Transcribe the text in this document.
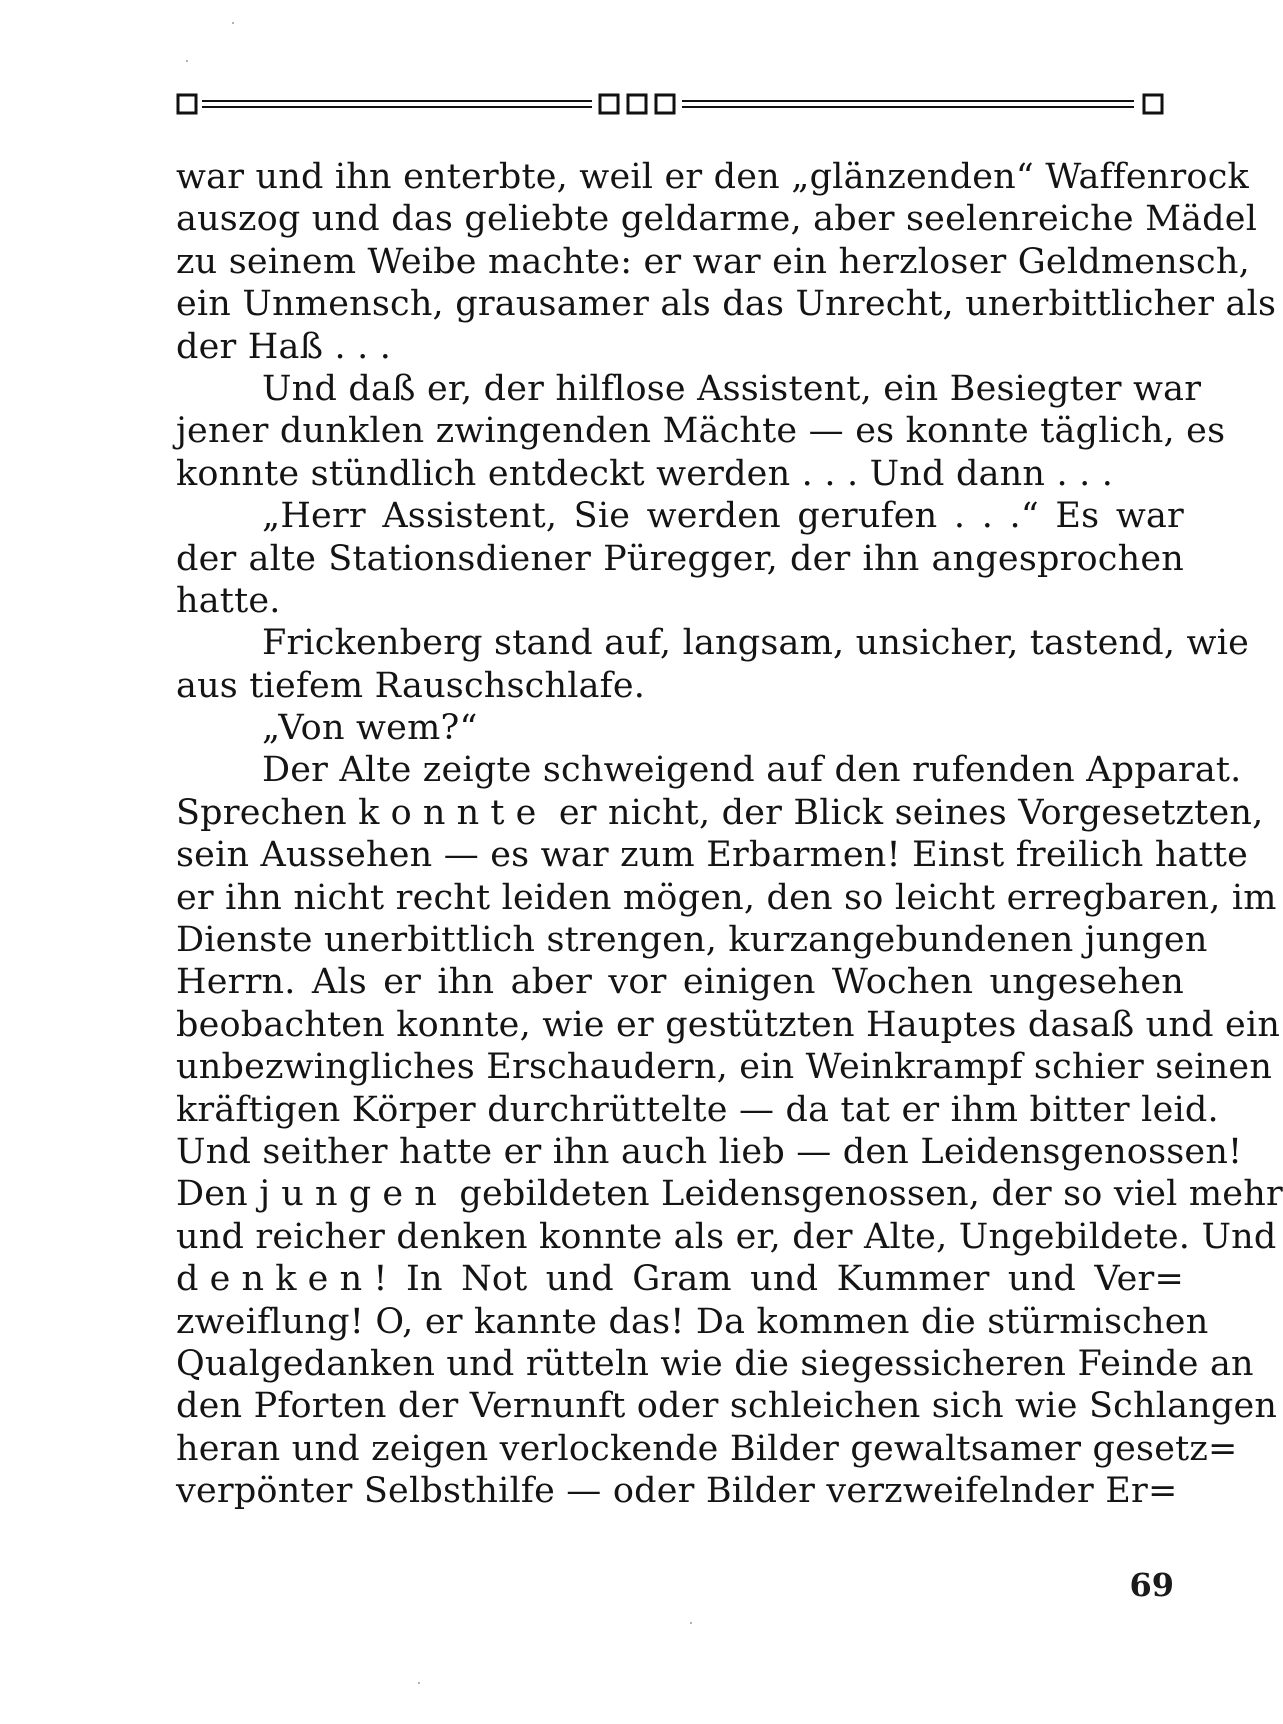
war und ihn enterbte, weil er den „glänzenden“ Waffenrock
auszog und das geliebte geldarme, aber seelenreiche Mädel
zu seinem Weibe machte: er war ein herzloser Geldmensch,
ein Unmensch, grausamer als das Unrecht, unerbittlicher als
der Haß . . .
Und daß er, der hilflose Assistent, ein Besiegter war
jener dunklen zwingenden Mächte — es konnte täglich, es
konnte stündlich entdeckt werden . . . Und dann . . .
„Herr Assistent, Sie werden gerufen . . .“ Es war
der alte Stationsdiener Püregger, der ihn angesprochen
hatte.
Frickenberg stand auf, langsam, unsicher, tastend, wie
aus tiefem Rauschschlafe.
„Von wem?“
Der Alte zeigte schweigend auf den rufenden Apparat.
Sprechen konnte er nicht, der Blick seines Vorgesetzten,
sein Aussehen — es war zum Erbarmen! Einst freilich hatte
er ihn nicht recht leiden mögen, den so leicht erregbaren, im
Dienste unerbittlich strengen, kurzangebundenen jungen
Herrn. Als er ihn aber vor einigen Wochen ungesehen
beobachten konnte, wie er gestützten Hauptes dasaß und ein
unbezwingliches Erschaudern, ein Weinkrampf schier seinen
kräftigen Körper durchrüttelte — da tat er ihm bitter leid.
Und seither hatte er ihn auch lieb — den Leidensgenossen!
Den jungen gebildeten Leidensgenossen, der so viel mehr
und reicher denken konnte als er, der Alte, Ungebildete. Und
denken! In Not und Gram und Kummer und Ver=
zweiflung! O, er kannte das! Da kommen die stürmischen
Qualgedanken und rütteln wie die siegessicheren Feinde an
den Pforten der Vernunft oder schleichen sich wie Schlangen
heran und zeigen verlockende Bilder gewaltsamer gesetz=
verpönter Selbsthilfe — oder Bilder verzweifelnder Er=
69
